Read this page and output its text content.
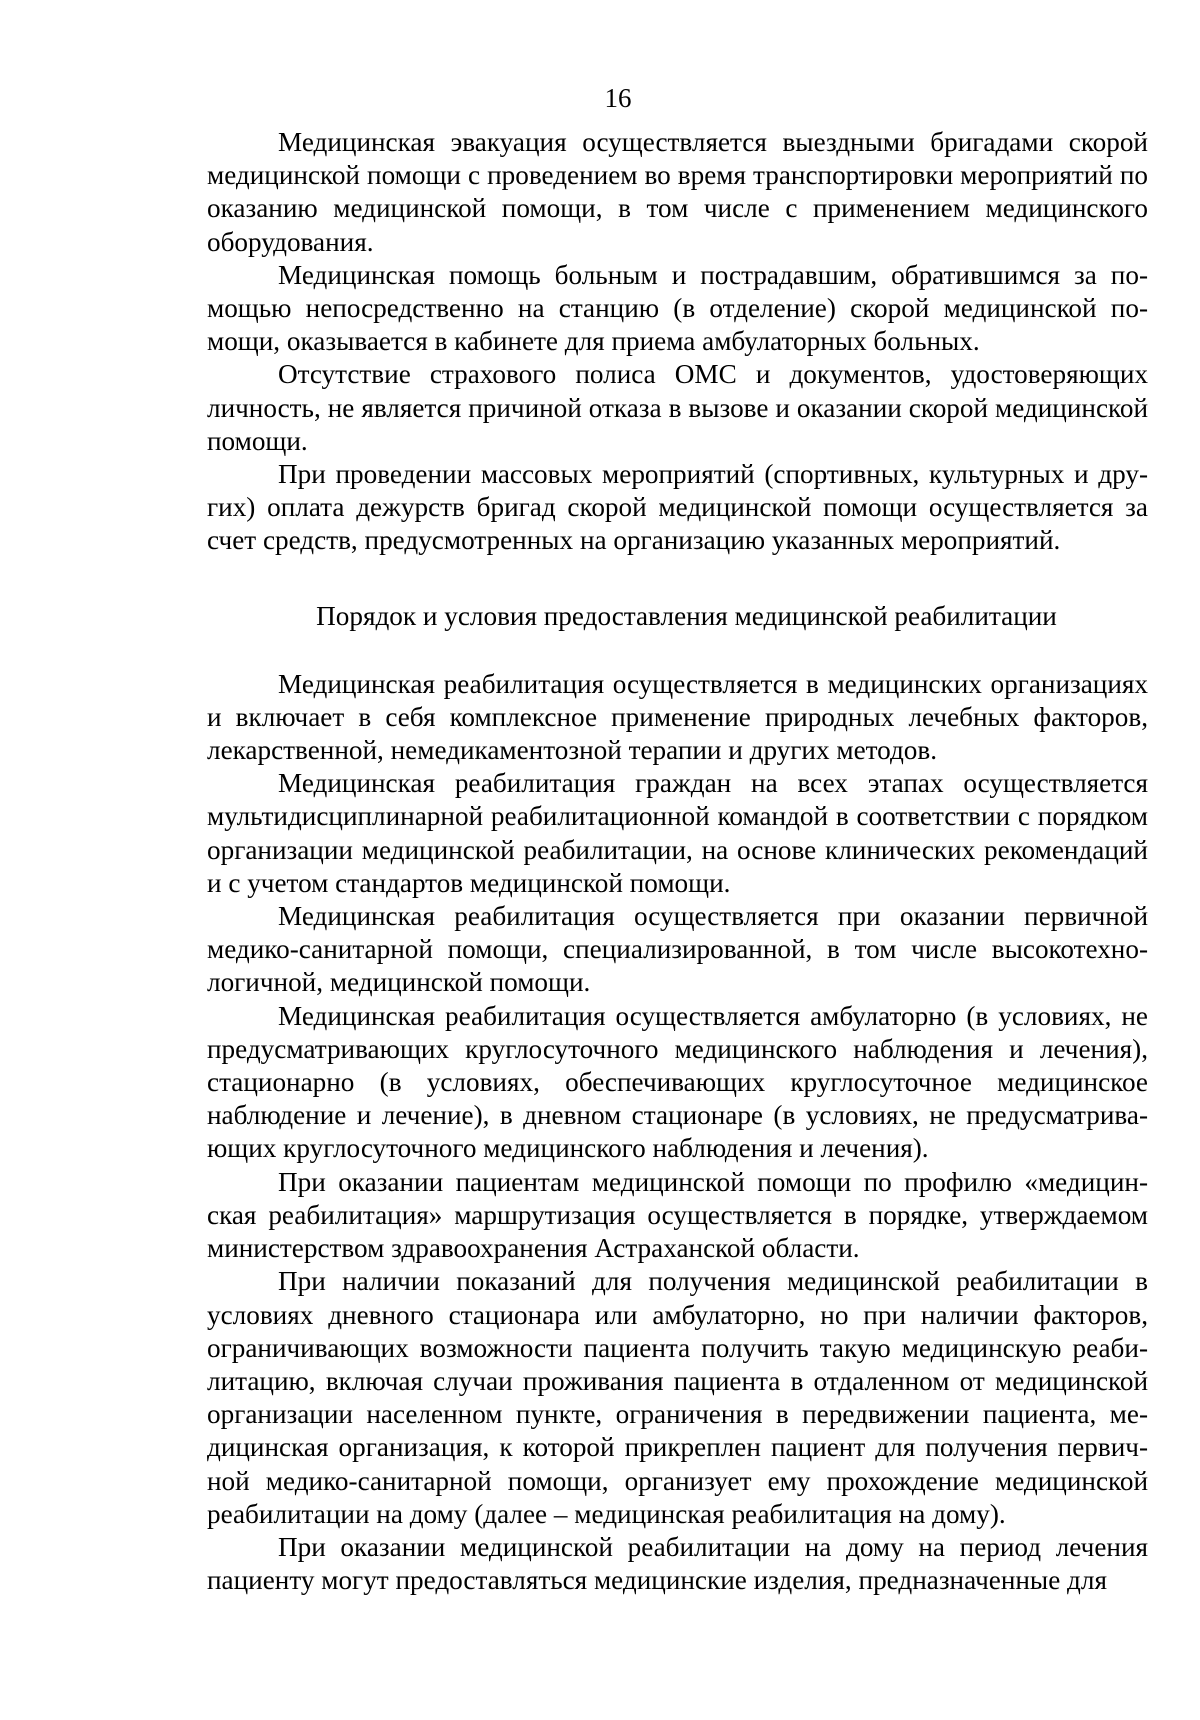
16

Медицинская эвакуация осуществляется выездными бригадами скорой медицинской помощи с проведением во время транспортировки мероприятий по оказанию медицинской помощи, в том числе с применением медицинского оборудования.

Медицинская помощь больным и пострадавшим, обратившимся за помощью непосредственно на станцию (в отделение) скорой медицинской помощи, оказывается в кабинете для приема амбулаторных больных.

Отсутствие страхового полиса ОМС и документов, удостоверяющих личность, не является причиной отказа в вызове и оказании скорой медицинской помощи.

При проведении массовых мероприятий (спортивных, культурных и других) оплата дежурств бригад скорой медицинской помощи осуществляется за счет средств, предусмотренных на организацию указанных мероприятий.

Порядок и условия предоставления медицинской реабилитации

Медицинская реабилитация осуществляется в медицинских организациях и включает в себя комплексное применение природных лечебных факторов, лекарственной, немедикаментозной терапии и других методов.

Медицинская реабилитация граждан на всех этапах осуществляется мультидисциплинарной реабилитационной командой в соответствии с порядком организации медицинской реабилитации, на основе клинических рекомендаций и с учетом стандартов медицинской помощи.

Медицинская реабилитация осуществляется при оказании первичной медико-санитарной помощи, специализированной, в том числе высокотехнологичной, медицинской помощи.

Медицинская реабилитация осуществляется амбулаторно (в условиях, не предусматривающих круглосуточного медицинского наблюдения и лечения), стационарно (в условиях, обеспечивающих круглосуточное медицинское наблюдение и лечение), в дневном стационаре (в условиях, не предусматривающих круглосуточного медицинского наблюдения и лечения).

При оказании пациентам медицинской помощи по профилю «медицинская реабилитация» маршрутизация осуществляется в порядке, утверждаемом министерством здравоохранения Астраханской области.

При наличии показаний для получения медицинской реабилитации в условиях дневного стационара или амбулаторно, но при наличии факторов, ограничивающих возможности пациента получить такую медицинскую реабилитацию, включая случаи проживания пациента в отдаленном от медицинской организации населенном пункте, ограничения в передвижении пациента, медицинская организация, к которой прикреплен пациент для получения первичной медико-санитарной помощи, организует ему прохождение медицинской реабилитации на дому (далее – медицинская реабилитация на дому).

При оказании медицинской реабилитации на дому на период лечения пациенту могут предоставляться медицинские изделия, предназначенные для
